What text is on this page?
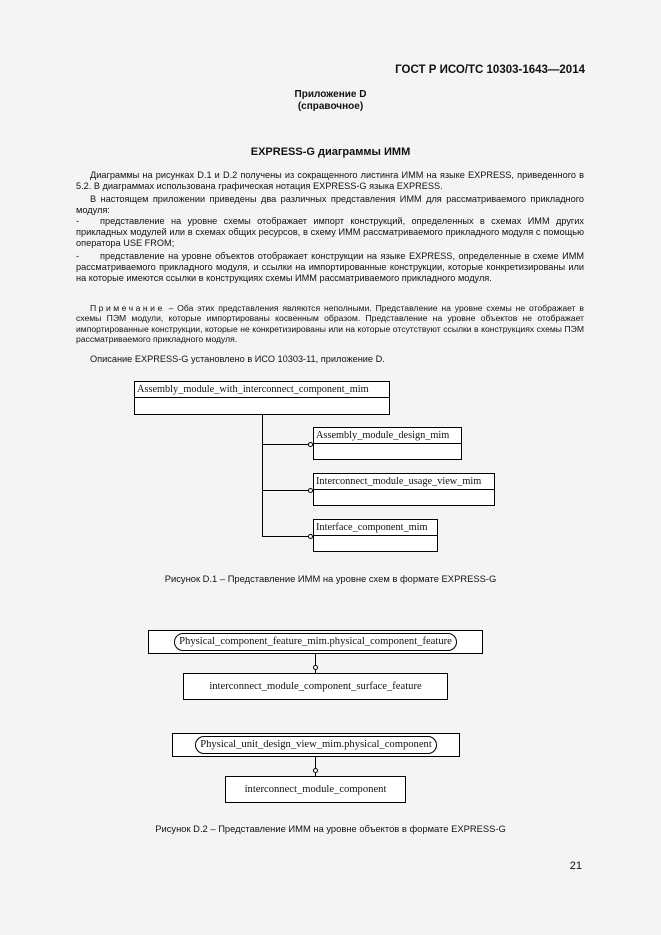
ГОСТ Р ИСО/ТС 10303-1643—2014
Приложение D
(справочное)
EXPRESS-G диаграммы ИММ
Диаграммы на рисунках D.1 и D.2 получены из сокращенного листинга ИММ на языке EXPRESS, приведенного в 5.2. В диаграммах использована графическая нотация EXPRESS-G языка EXPRESS.
В настоящем приложении приведены два различных представления ИММ для рассматриваемого прикладного модуля:
- представление на уровне схемы отображает импорт конструкций, определенных в схемах ИММ других прикладных модулей или в схемах общих ресурсов, в схему ИММ рассматриваемого прикладного модуля с помощью оператора USE FROM;
- представление на уровне объектов отображает конструкции на языке EXPRESS, определенные в схеме ИММ рассматриваемого прикладного модуля, и ссылки на импортированные конструкции, которые конкретизированы или на которые имеются ссылки в конструкциях схемы ИММ рассматриваемого прикладного модуля.
Примечание – Оба этих представления являются неполными. Представление на уровне схемы не отображает в схемы ПЭМ модули, которые импортированы косвенным образом. Представление на уровне объектов не отображает импортированные конструкции, которые не конкретизированы или на которые отсутствуют ссылки в конструкциях схемы ПЭМ рассматриваемого прикладного модуля.
Описание EXPRESS-G установлено в ИСО 10303-11, приложение D.
Assembly_module_with_interconnect_component_mim
Assembly_module_design_mim
Interconnect_module_usage_view_mim
Interface_component_mim
Рисунок D.1 – Представление ИММ на уровне схем в формате EXPRESS-G
Physical_component_feature_mim.physical_component_feature
interconnect_module_component_surface_feature
Physical_unit_design_view_mim.physical_component
interconnect_module_component
Рисунок D.2 – Представление ИММ на уровне объектов в формате EXPRESS-G
21
